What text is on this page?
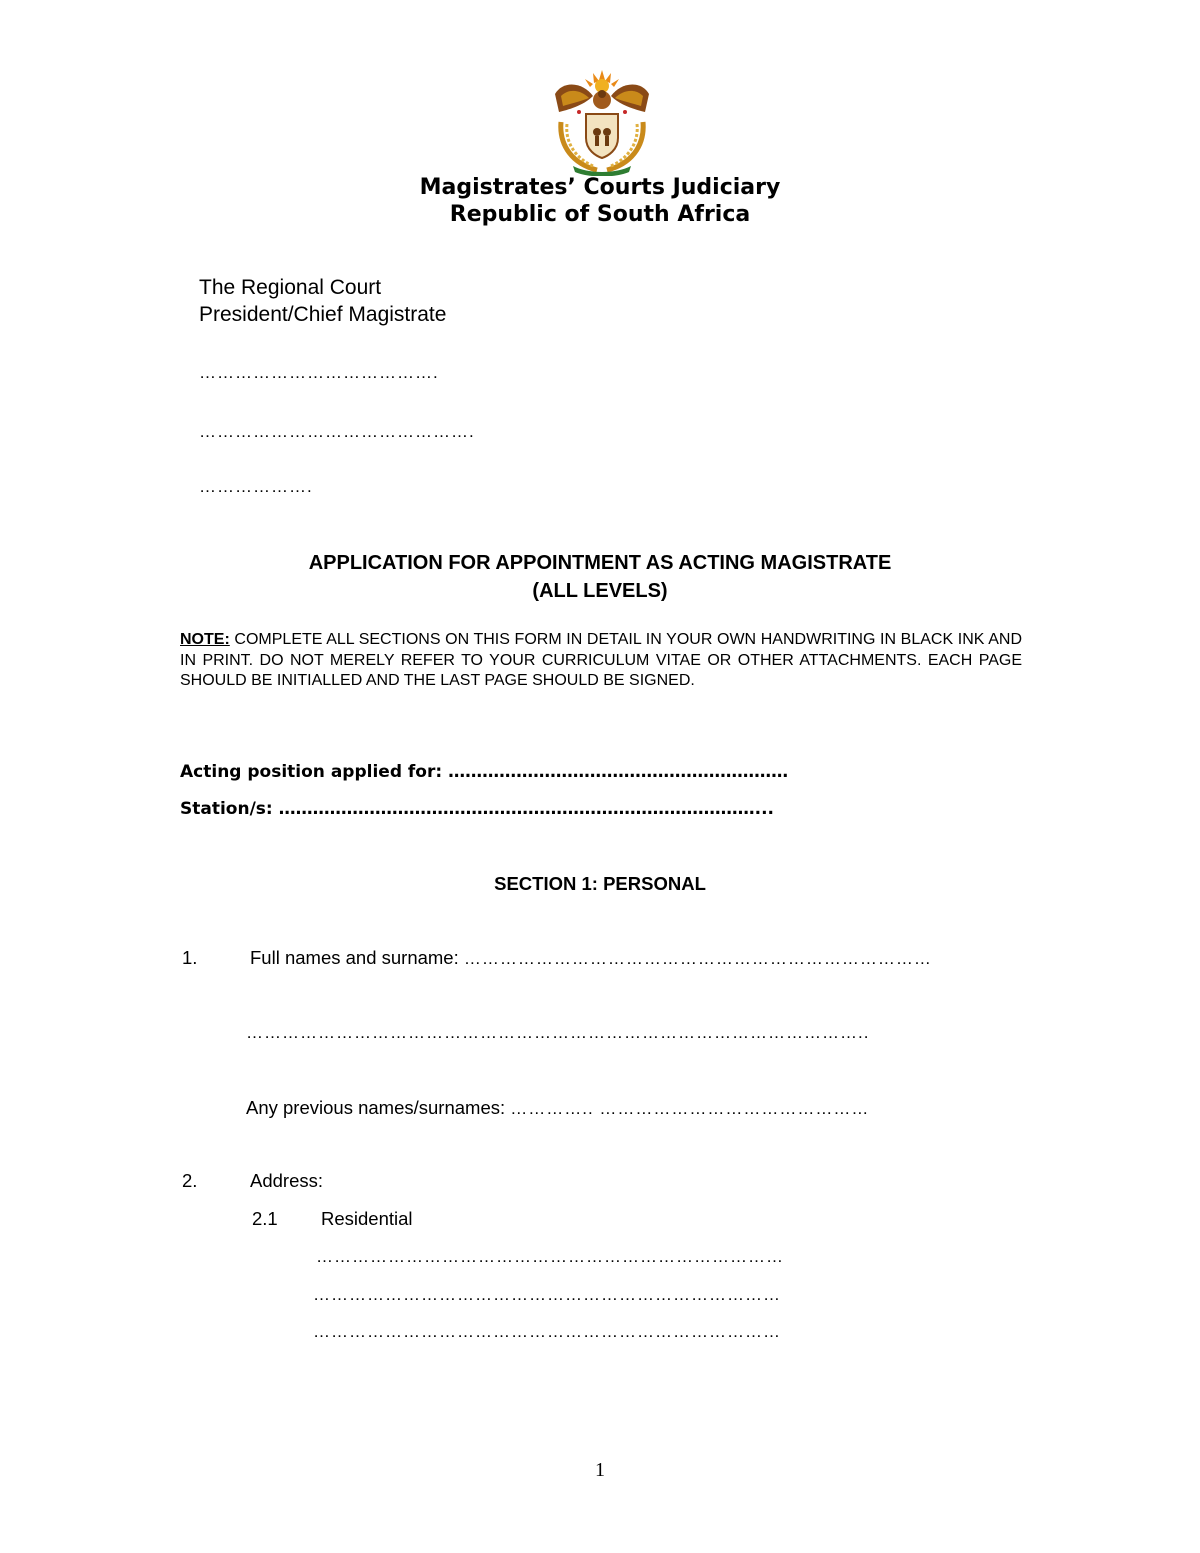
Magistrates’ Courts Judiciary
Republic of South Africa
The Regional Court
President/Chief Magistrate
………………………………….
……………………………………….
……………….
APPLICATION FOR APPOINTMENT AS ACTING MAGISTRATE
(ALL LEVELS)
NOTE: COMPLETE ALL SECTIONS ON THIS FORM IN DETAIL IN YOUR OWN HANDWRITING IN BLACK INK AND IN PRINT. DO NOT MERELY REFER TO YOUR CURRICULUM VITAE OR OTHER ATTACHMENTS. EACH PAGE SHOULD BE INITIALLED AND THE LAST PAGE SHOULD BE SIGNED.
Acting position applied for: ……………………………………………………
Station/s: …………………………………………………………………………...
SECTION 1: PERSONAL
1.	Full names and surname: ……………………………………………………………………
…………………………………………………………………………………………..
Any previous names/surnames: ………….. ………………………………………
2.	Address:
2.1 Residential
……………………………………………………………………
……………………………………………………………………
……………………………………………………………………
1
